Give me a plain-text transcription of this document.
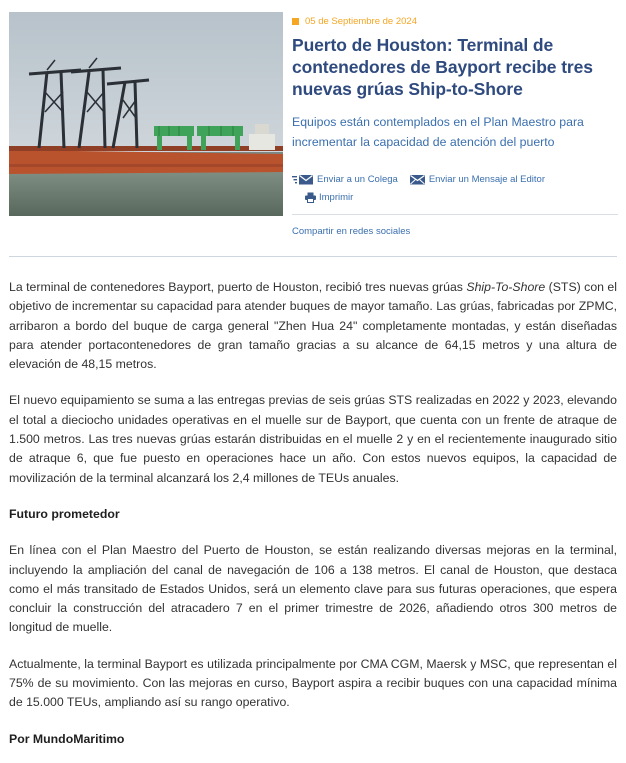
05 de Septiembre de 2024
Puerto de Houston: Terminal de contenedores de Bayport recibe tres nuevas grúas Ship-to-Shore

Equipos están contemplados en el Plan Maestro para incrementar la capacidad de atención del puerto

Enviar a un Colega	Enviar un Mensaje al Editor
Imprimir
Compartir en redes sociales

La terminal de contenedores Bayport, puerto de Houston, recibió tres nuevas grúas Ship-To-Shore (STS) con el objetivo de incrementar su capacidad para atender buques de mayor tamaño. Las grúas, fabricadas por ZPMC, arribaron a bordo del buque de carga general "Zhen Hua 24" completamente montadas, y están diseñadas para atender portacontenedores de gran tamaño gracias a su alcance de 64,15 metros y una altura de elevación de 48,15 metros.

El nuevo equipamiento se suma a las entregas previas de seis grúas STS realizadas en 2022 y 2023, elevando el total a dieciocho unidades operativas en el muelle sur de Bayport, que cuenta con un frente de atraque de 1.500 metros. Las tres nuevas grúas estarán distribuidas en el muelle 2 y en el recientemente inaugurado sitio de atraque 6, que fue puesto en operaciones hace un año. Con estos nuevos equipos, la capacidad de movilización de la terminal alcanzará los 2,4 millones de TEUs anuales.

Futuro prometedor

En línea con el Plan Maestro del Puerto de Houston, se están realizando diversas mejoras en la terminal, incluyendo la ampliación del canal de navegación de 106 a 138 metros. El canal de Houston, que destaca como el más transitado de Estados Unidos, será un elemento clave para sus futuras operaciones, que espera concluir la construcción del atracadero 7 en el primer trimestre de 2026, añadiendo otros 300 metros de longitud de muelle.

Actualmente, la terminal Bayport es utilizada principalmente por CMA CGM, Maersk y MSC, que representan el 75% de su movimiento. Con las mejoras en curso, Bayport aspira a recibir buques con una capacidad mínima de 15.000 TEUs, ampliando así su rango operativo.

Por MundoMaritimo
